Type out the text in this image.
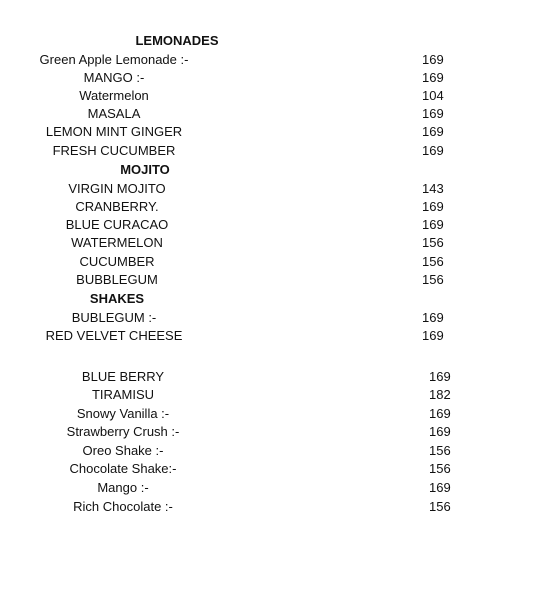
LEMONADES
Green Apple Lemonade :-	169
MANGO :-	169
Watermelon	104
MASALA	169
LEMON MINT GINGER	169
FRESH CUCUMBER	169
MOJITO
VIRGIN MOJITO	143
CRANBERRY.	169
BLUE CURACAO	169
WATERMELON	156
CUCUMBER	156
BUBBLEGUM	156
SHAKES
BUBLEGUM :-	169
RED VELVET CHEESE	169
BLUE BERRY	169
TIRAMISU	182
Snowy Vanilla :-	169
Strawberry Crush :-	169
Oreo Shake :-	156
Chocolate Shake:-	156
Mango :-	169
Rich Chocolate :-	156
